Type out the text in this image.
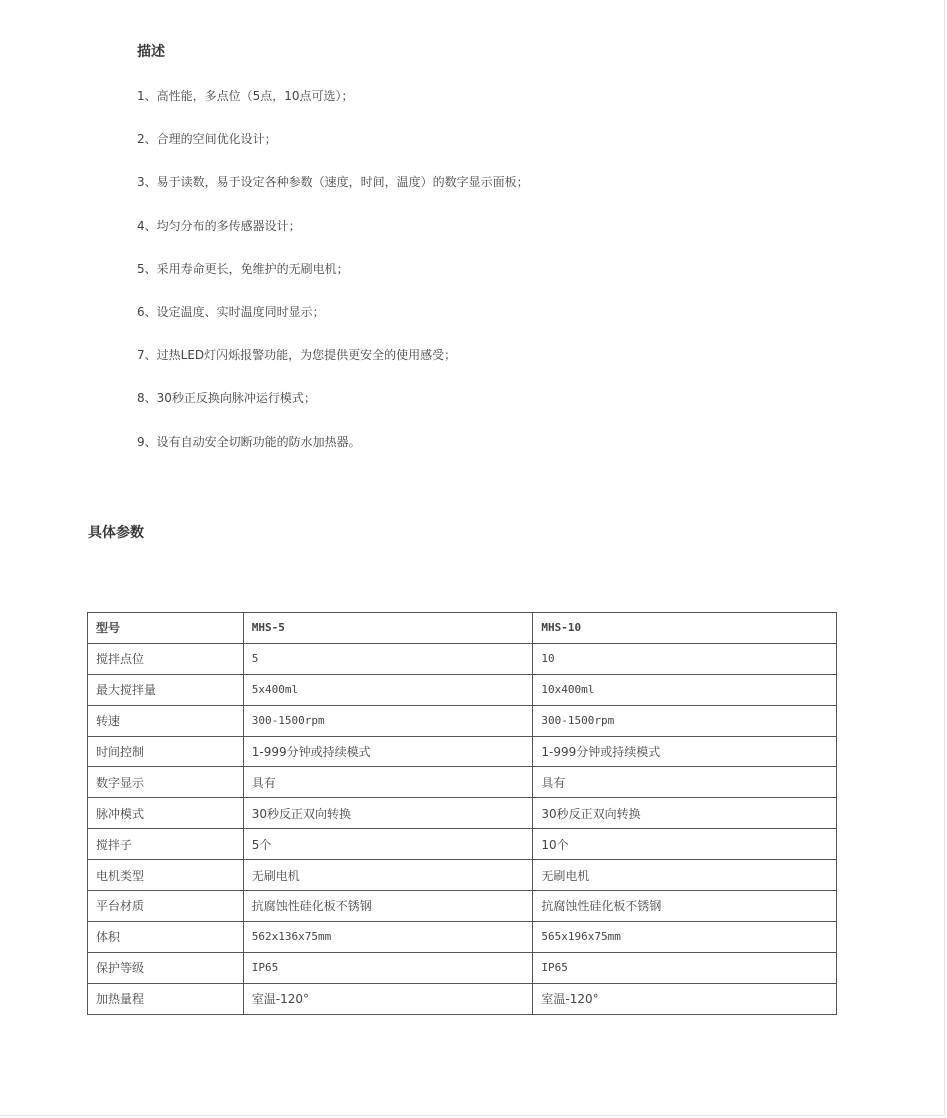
描述
1、高性能，多点位（5点，10点可选）；
2、合理的空间优化设计；
3、易于读数，易于设定各种参数（速度，时间，温度）的数字显示面板；
4、均匀分布的多传感器设计；
5、采用寿命更长，免维护的无刷电机；
6、设定温度、实时温度同时显示；
7、过热LED灯闪烁报警功能，为您提供更安全的使用感受；
8、30秒正反换向脉冲运行模式；
9、设有自动安全切断功能的防水加热器。
具体参数
型号	MHS-5	MHS-10
搅拌点位	5	10
最大搅拌量	5x400ml	10x400ml
转速	300-1500rpm	300-1500rpm
时间控制	1-999分钟或持续模式	1-999分钟或持续模式
数字显示	具有	具有
脉冲模式	30秒反正双向转换	30秒反正双向转换
搅拌子	5个	10个
电机类型	无刷电机	无刷电机
平台材质	抗腐蚀性硅化板不锈钢	抗腐蚀性硅化板不锈钢
体积	562x136x75mm	565x196x75mm
保护等级	IP65	IP65
加热量程	室温-120°	室温-120°
